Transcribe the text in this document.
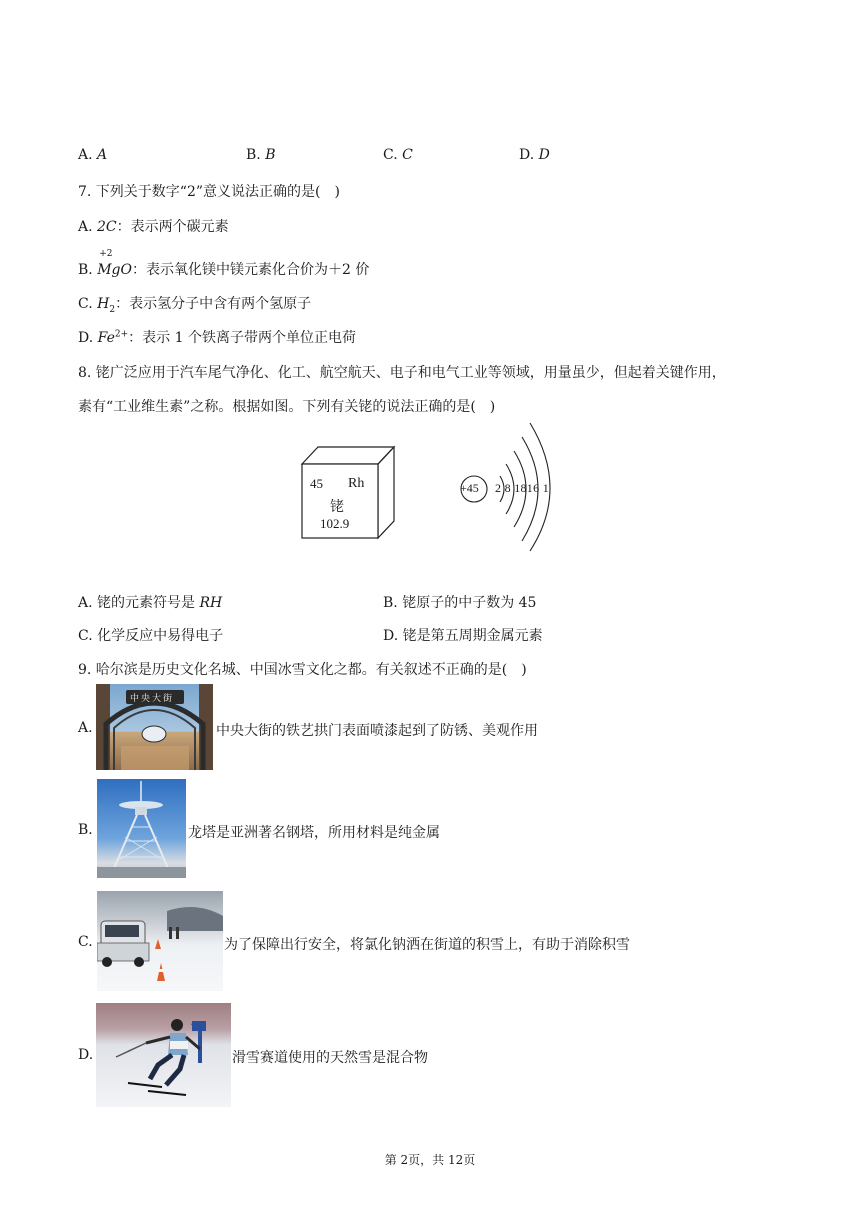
A. A	B. B	C. C	D. D
7. 下列关于数字“2”意义说法正确的是(　)
A. 2C：表示两个碳元素
B.
+2
MgO：表示氧化镁中镁元素化合价为＋2 价
C. $H_2$：表示氢分子中含有两个氢原子
D. $Fe^{2+}$：表示 1 个铁离子带两个单位正电荷
8. 铑广泛应用于汽车尾气净化、化工、航空航天、电子和电气工业等领域，用量虽少，但起着关键作用，
素有“工业维生素”之称。根据如图。下列有关铑的说法正确的是(　)
45 Rh
铑
102.9
+45 2 8 1816 1
A. 铑的元素符号是 RH	B. 铑原子的中子数为 45
C. 化学反应中易得电子	D. 铑是第五周期金属元素
9. 哈尔滨是历史文化名城、中国冰雪文化之都。有关叙述不正确的是(　)
A.
中央大街
中央大街的铁艺拱门表面喷漆起到了防锈、美观作用
B.	龙塔是亚洲著名钢塔，所用材料是纯金属
C.	为了保障出行安全，将氯化钠洒在街道的积雪上，有助于消除积雪
D.	滑雪赛道使用的天然雪是混合物
第 2页，共 12页
